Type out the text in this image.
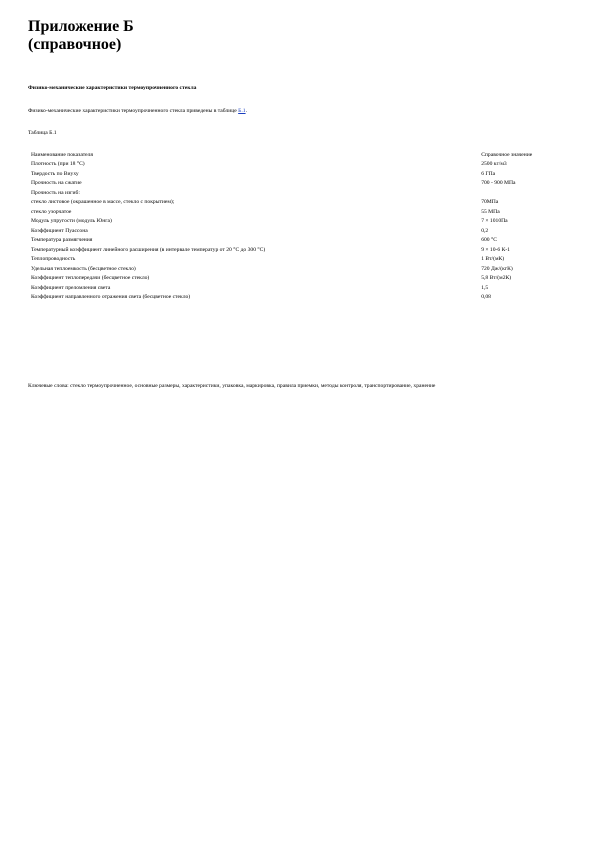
Приложение Б
(справочное)
Физико-механические характеристики термоупрочненного стекла
Физико-механические характеристики термоупрочненного стекла приведены в таблице Б.1.
Таблица Б.1
Наименование показателя	Справочное значение
Плотность (при 18 °С)	2500 кг/м3
Твердость по Виуху	6 ГПа
Прочность на сжатие	700 - 900 МПа
Прочность на изгиб:	
стекло листовое (окрашенное в массе, стекло с покрытием);	70МПа
стекло узорчатое	55 МПа
Модуль упругости (модуль Юнга)	7 × 1010Па
Коэффициент Пуассона	0,2
Температура размягчения	600 °С
Температурный коэффициент линейного расширения (в интервале температур от 20 °С до 300 °С)	9 × 10-6 К-1
Теплопроводность	1 Вт/(мК)
Удельная теплоемкость (бесцветное стекло)	720 Дж/(кгК)
Коэффициент теплопередачи (бесцветное стекло)	5,8 Вт/(м2К)
Коэффициент преломления света	1,5
Коэффициент направленного отражения света (бесцветное стекло)	0,08
Ключевые слова: стекло термоупрочненное, основные размеры, характеристики, упаковка, маркировка, правила приемки, методы контроля, транспортирование, хранение
